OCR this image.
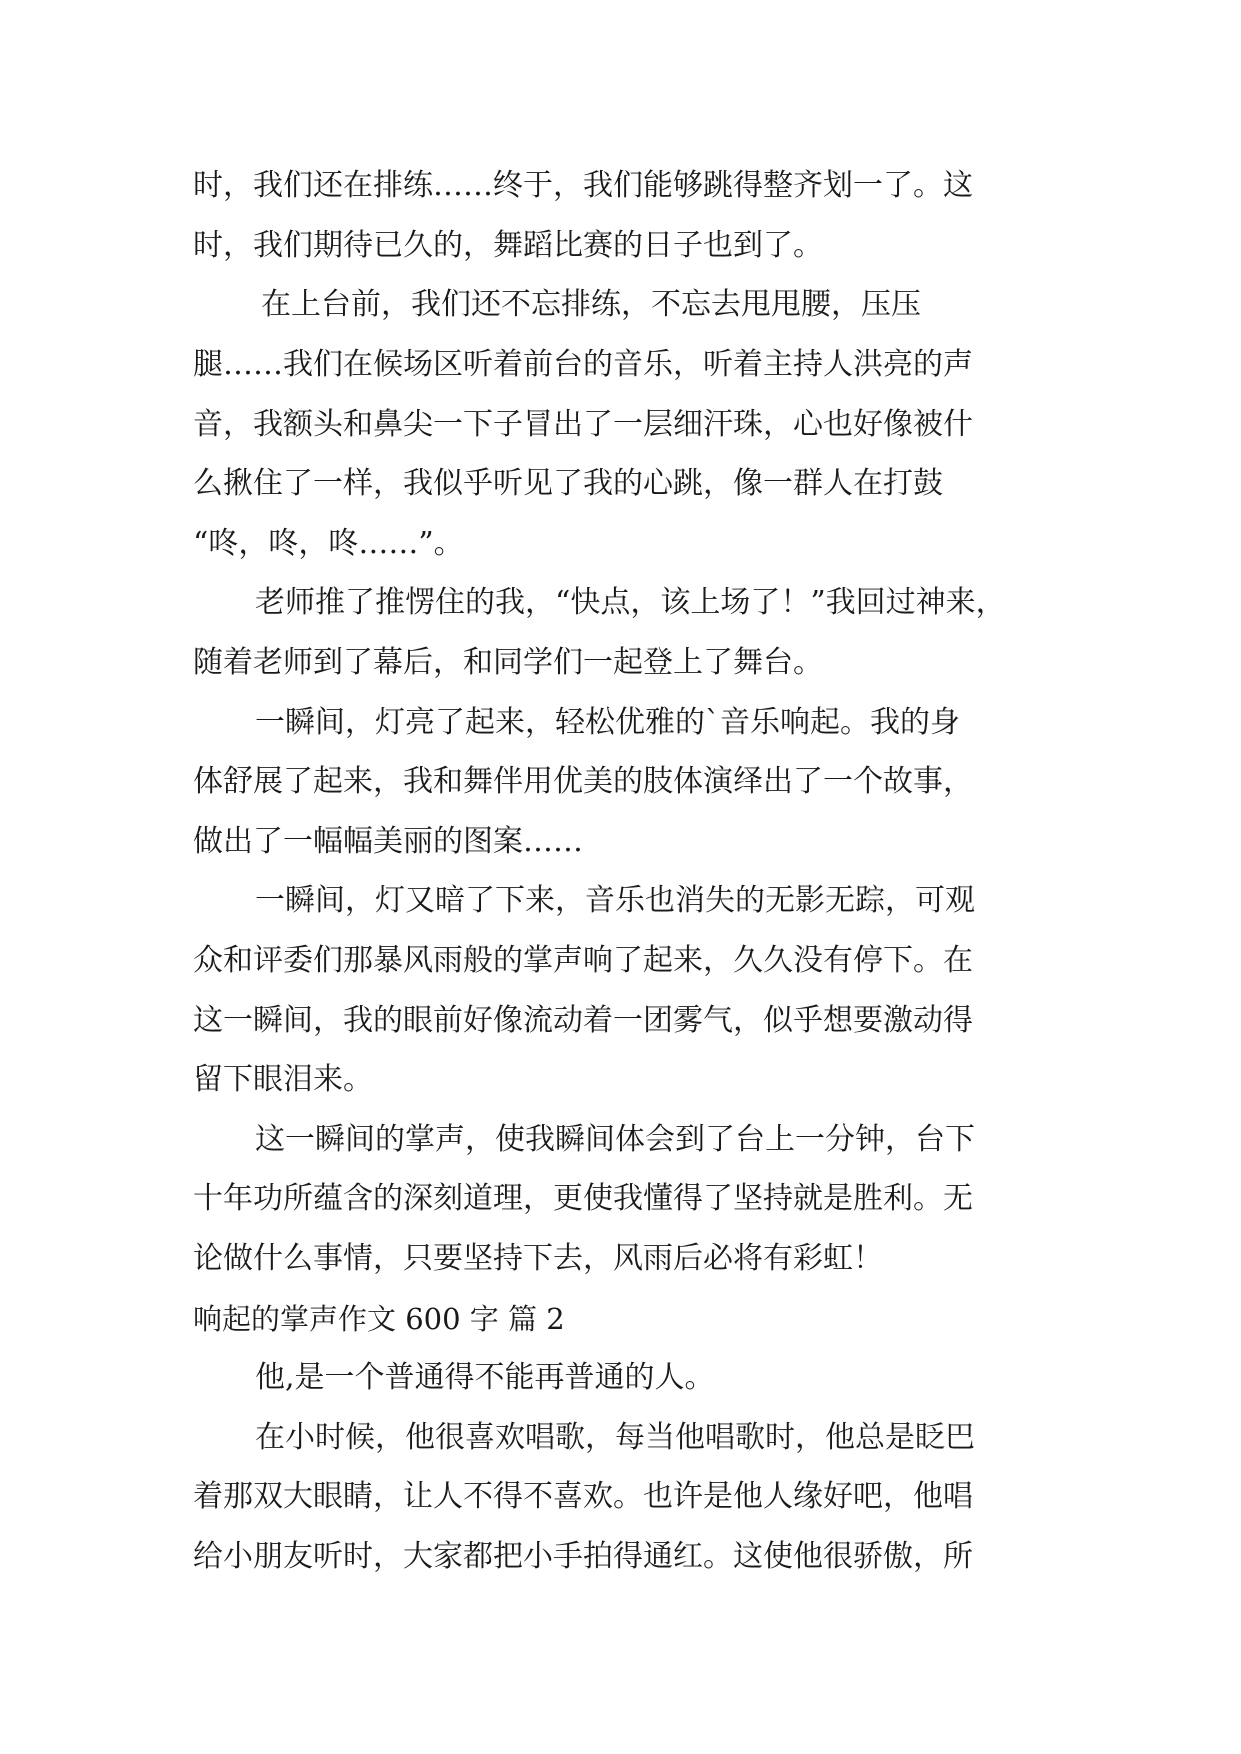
时，我们还在排练……终于，我们能够跳得整齐划一了。这
时，我们期待已久的，舞蹈比赛的日子也到了。
在上台前，我们还不忘排练，不忘去甩甩腰，压压
腿……我们在候场区听着前台的音乐，听着主持人洪亮的声
音，我额头和鼻尖一下子冒出了一层细汗珠，心也好像被什
么揪住了一样，我似乎听见了我的心跳，像一群人在打鼓
“咚，咚，咚……”。
老师推了推愣住的我，“快点，该上场了！”我回过神来，
随着老师到了幕后，和同学们一起登上了舞台。
一瞬间，灯亮了起来，轻松优雅的`音乐响起。我的身
体舒展了起来，我和舞伴用优美的肢体演绎出了一个故事，
做出了一幅幅美丽的图案……
一瞬间，灯又暗了下来，音乐也消失的无影无踪，可观
众和评委们那暴风雨般的掌声响了起来，久久没有停下。在
这一瞬间，我的眼前好像流动着一团雾气，似乎想要激动得
留下眼泪来。
这一瞬间的掌声，使我瞬间体会到了台上一分钟，台下
十年功所蕴含的深刻道理，更使我懂得了坚持就是胜利。无
论做什么事情，只要坚持下去，风雨后必将有彩虹！
响起的掌声作文 600 字 篇 2
他,是一个普通得不能再普通的人。
在小时候，他很喜欢唱歌，每当他唱歌时，他总是眨巴
着那双大眼睛，让人不得不喜欢。也许是他人缘好吧，他唱
给小朋友听时，大家都把小手拍得通红。这使他很骄傲，所
